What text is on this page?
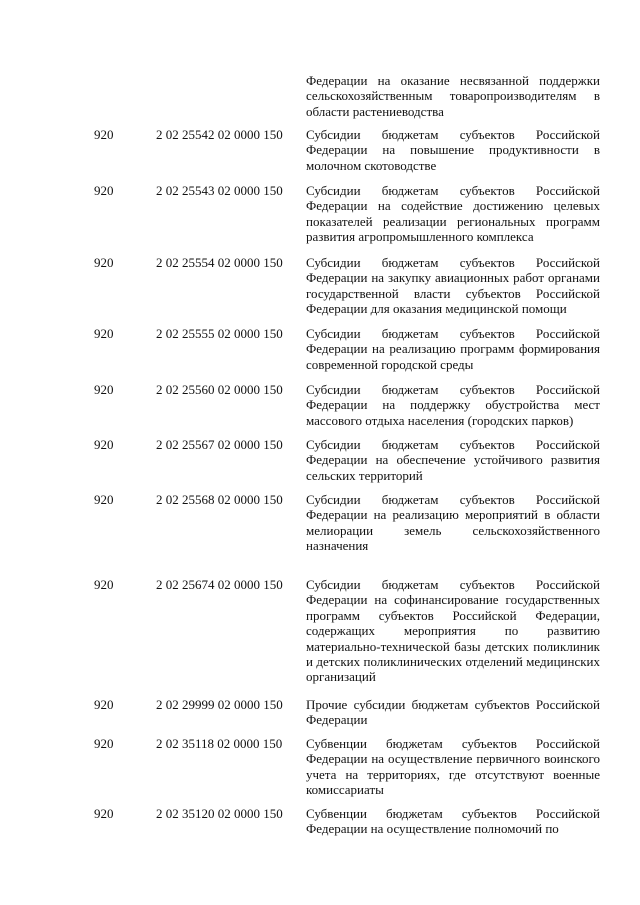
Федерации на оказание несвязанной поддержки сельскохозяйственным товаропроизводителям в области растениеводства
920	2 02 25542 02 0000 150	Субсидии бюджетам субъектов Российской Федерации на повышение продуктивности в молочном скотоводстве
920	2 02 25543 02 0000 150	Субсидии бюджетам субъектов Российской Федерации на содействие достижению целевых показателей реализации региональных программ развития агропромышленного комплекса
920	2 02 25554 02 0000 150	Субсидии бюджетам субъектов Российской Федерации на закупку авиационных работ органами государственной власти субъектов Российской Федерации для оказания медицинской помощи
920	2 02 25555 02 0000 150	Субсидии бюджетам субъектов Российской Федерации на реализацию программ формирования современной городской среды
920	2 02 25560 02 0000 150	Субсидии бюджетам субъектов Российской Федерации на поддержку обустройства мест массового отдыха населения (городских парков)
920	2 02 25567 02 0000 150	Субсидии бюджетам субъектов Российской Федерации на обеспечение устойчивого развития сельских территорий
920	2 02 25568 02 0000 150	Субсидии бюджетам субъектов Российской Федерации на реализацию мероприятий в области мелиорации земель сельскохозяйственного назначения
920	2 02 25674 02 0000 150	Субсидии бюджетам субъектов Российской Федерации на софинансирование государственных программ субъектов Российской Федерации, содержащих мероприятия по развитию материально-технической базы детских поликлиник и детских поликлинических отделений медицинских организаций
920	2 02 29999 02 0000 150	Прочие субсидии бюджетам субъектов Российской Федерации
920	2 02 35118 02 0000 150	Субвенции бюджетам субъектов Российской Федерации на осуществление первичного воинского учета на территориях, где отсутствуют военные комиссариаты
920	2 02 35120 02 0000 150	Субвенции бюджетам субъектов Российской Федерации на осуществление полномочий по
